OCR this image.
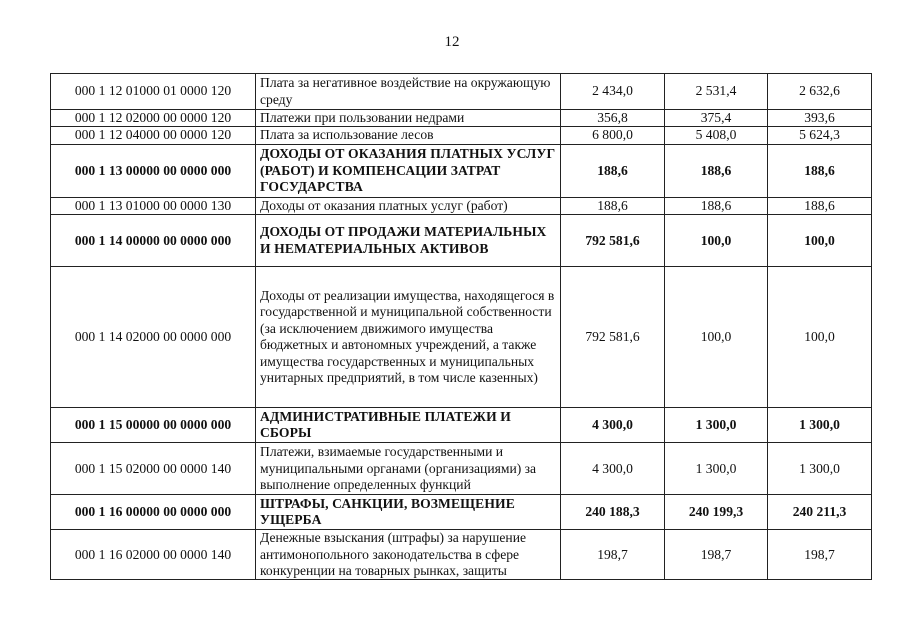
12
000 1 12 01000 01 0000 120	Плата за негативное воздействие на окружающую среду	2 434,0	2 531,4	2 632,6
000 1 12 02000 00 0000 120	Платежи при пользовании недрами	356,8	375,4	393,6
000 1 12 04000 00 0000 120	Плата за использование лесов	6 800,0	5 408,0	5 624,3
000 1 13 00000 00 0000 000	ДОХОДЫ ОТ ОКАЗАНИЯ ПЛАТНЫХ УСЛУГ (РАБОТ) И КОМПЕНСАЦИИ ЗАТРАТ ГОСУДАРСТВА	188,6	188,6	188,6
000 1 13 01000 00 0000 130	Доходы от оказания платных услуг (работ)	188,6	188,6	188,6
000 1 14 00000 00 0000 000	ДОХОДЫ ОТ ПРОДАЖИ МАТЕРИАЛЬНЫХ И НЕМАТЕРИАЛЬНЫХ АКТИВОВ	792 581,6	100,0	100,0
000 1 14 02000 00 0000 000	Доходы от реализации имущества, находящегося в государственной и муниципальной собственности (за исключением движимого имущества бюджетных и автономных учреждений, а также имущества государственных и муниципальных унитарных предприятий, в том числе казенных)	792 581,6	100,0	100,0
000 1 15 00000 00 0000 000	АДМИНИСТРАТИВНЫЕ ПЛАТЕЖИ И СБОРЫ	4 300,0	1 300,0	1 300,0
000 1 15 02000 00 0000 140	Платежи, взимаемые государственными и муниципальными органами (организациями) за выполнение определенных функций	4 300,0	1 300,0	1 300,0
000 1 16 00000 00 0000 000	ШТРАФЫ, САНКЦИИ, ВОЗМЕЩЕНИЕ УЩЕРБА	240 188,3	240 199,3	240 211,3
000 1 16 02000 00 0000 140	Денежные взыскания (штрафы) за нарушение антимонопольного законодательства в сфере конкуренции на товарных рынках, защиты	198,7	198,7	198,7
